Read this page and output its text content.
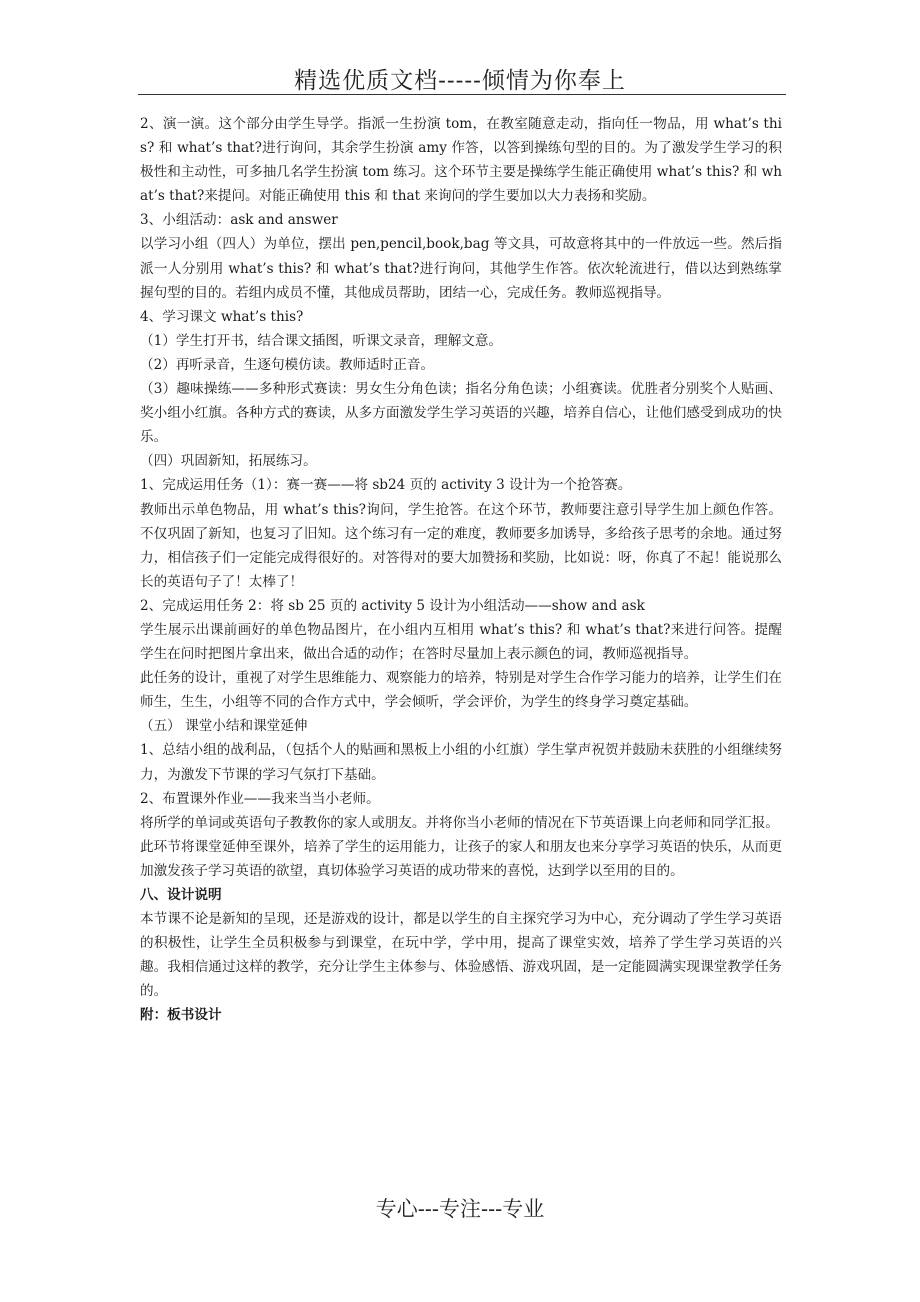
精选优质文档-----倾情为你奉上

2、演一演。这个部分由学生导学。指派一生扮演 tom，在教室随意走动，指向任一物品，用 what’s this? 和 what’s that?进行询问，其余学生扮演 amy 作答，以答到操练句型的目的。为了激发学生学习的积极性和主动性，可多抽几名学生扮演 tom 练习。这个环节主要是操练学生能正确使用 what’s this? 和 what’s that?来提问。对能正确使用 this 和 that 来询问的学生要加以大力表扬和奖励。

3、小组活动：ask and answer

以学习小组（四人）为单位，摆出 pen,pencil,book,bag 等文具，可故意将其中的一件放远一些。然后指派一人分别用 what’s this? 和 what’s that?进行询问，其他学生作答。依次轮流进行，借以达到熟练掌握句型的目的。若组内成员不懂，其他成员帮助，团结一心，完成任务。教师巡视指导。

4、学习课文 what’s this?

（1）学生打开书，结合课文插图，听课文录音，理解文意。

（2）再听录音，生逐句模仿读。教师适时正音。

（3）趣味操练——多种形式赛读：男女生分角色读；指名分角色读；小组赛读。优胜者分别奖个人贴画、奖小组小红旗。各种方式的赛读，从多方面激发学生学习英语的兴趣，培养自信心，让他们感受到成功的快乐。

（四）巩固新知，拓展练习。

1、完成运用任务（1）：赛一赛——将 sb24 页的 activity 3 设计为一个抢答赛。

教师出示单色物品，用 what’s this?询问，学生抢答。在这个环节，教师要注意引导学生加上颜色作答。不仅巩固了新知，也复习了旧知。这个练习有一定的难度，教师要多加诱导，多给孩子思考的余地。通过努力，相信孩子们一定能完成得很好的。对答得对的要大加赞扬和奖励，比如说：呀，你真了不起！能说那么长的英语句子了！太棒了！

2、完成运用任务 2：将 sb 25 页的 activity 5 设计为小组活动——show and ask

学生展示出课前画好的单色物品图片，在小组内互相用 what’s this? 和 what’s that?来进行问答。提醒学生在问时把图片拿出来，做出合适的动作；在答时尽量加上表示颜色的词，教师巡视指导。

此任务的设计，重视了对学生思维能力、观察能力的培养，特别是对学生合作学习能力的培养，让学生们在师生，生生，小组等不同的合作方式中，学会倾听，学会评价，为学生的终身学习奠定基础。

（五） 课堂小结和课堂延伸

1、总结小组的战利品，（包括个人的贴画和黑板上小组的小红旗）学生掌声祝贺并鼓励未获胜的小组继续努力，为激发下节课的学习气氛打下基础。

2、布置课外作业——我来当当小老师。

将所学的单词或英语句子教教你的家人或朋友。并将你当小老师的情况在下节英语课上向老师和同学汇报。

此环节将课堂延伸至课外，培养了学生的运用能力，让孩子的家人和朋友也来分享学习英语的快乐，从而更加激发孩子学习英语的欲望，真切体验学习英语的成功带来的喜悦，达到学以至用的目的。

八、设计说明

本节课不论是新知的呈现，还是游戏的设计，都是以学生的自主探究学习为中心，充分调动了学生学习英语的积极性，让学生全员积极参与到课堂，在玩中学，学中用，提高了课堂实效，培养了学生学习英语的兴趣。我相信通过这样的教学，充分让学生主体参与、体验感悟、游戏巩固，是一定能圆满实现课堂教学任务的。

附：板书设计

专心---专注---专业
